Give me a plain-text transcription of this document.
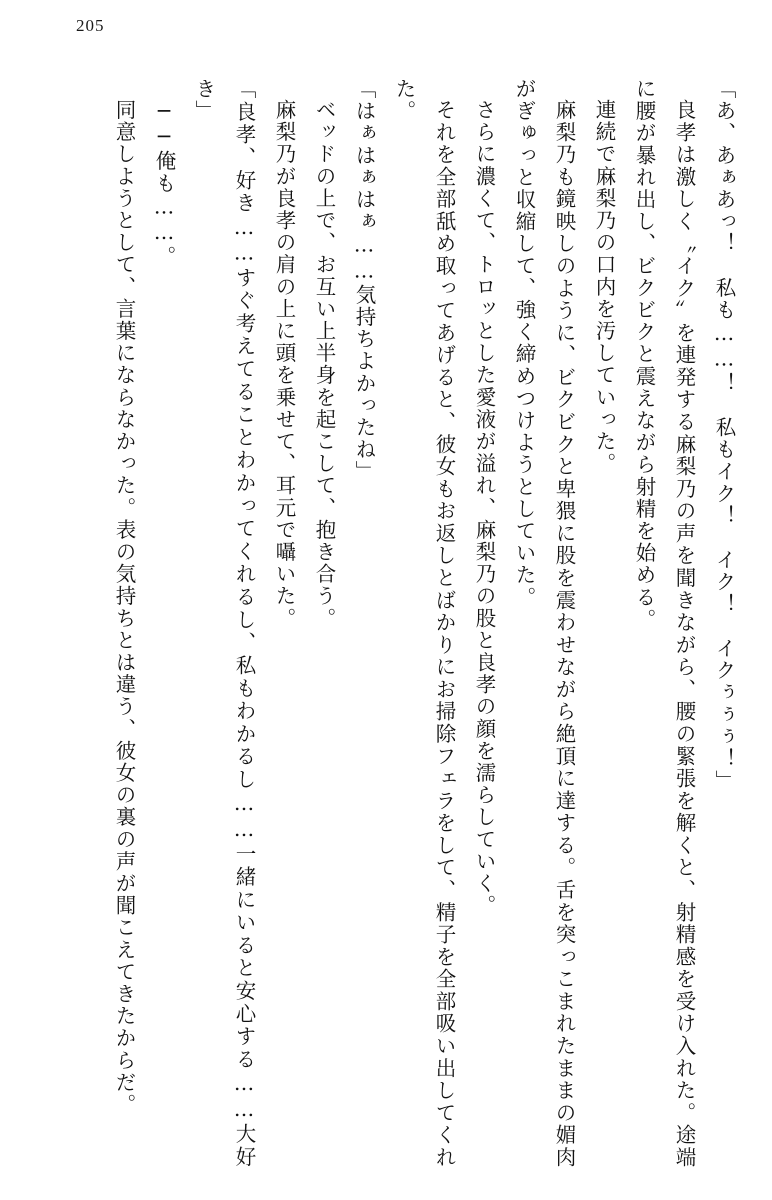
205

「あ、あぁあっ！　私も……！　私もイク！　イク！　イクぅぅぅ！」

良孝は激しく〝イク〟を連発する麻梨乃の声を聞きながら、腰の緊張を解くと、射精感を受け入れた。途端に腰が暴れ出し、ビクビクと震えながら射精を始める。

連続で麻梨乃の口内を汚していった。

麻梨乃も鏡映しのように、ビクビクと卑猥に股を震わせながら絶頂に達する。舌を突っこまれたままの媚肉がぎゅっと収縮して、強く締めつけようとしていた。

さらに濃くて、トロッとした愛液が溢れ、麻梨乃の股と良孝の顔を濡らしていく。

それを全部舐め取ってあげると、彼女もお返しとばかりにお掃除フェラをして、精子を全部吸い出してくれた。

「はぁはぁはぁ……気持ちよかったね」

ベッドの上で、お互い上半身を起こして、抱き合う。

麻梨乃が良孝の肩の上に頭を乗せて、耳元で囁いた。

「良孝、好き……すぐ考えてることわかってくれるし、私もわかるし……一緒にいると安心する……大好き」

──俺も……。

同意しようとして、言葉にならなかった。表の気持ちとは違う、彼女の裏の声が聞こえてきたからだ。
